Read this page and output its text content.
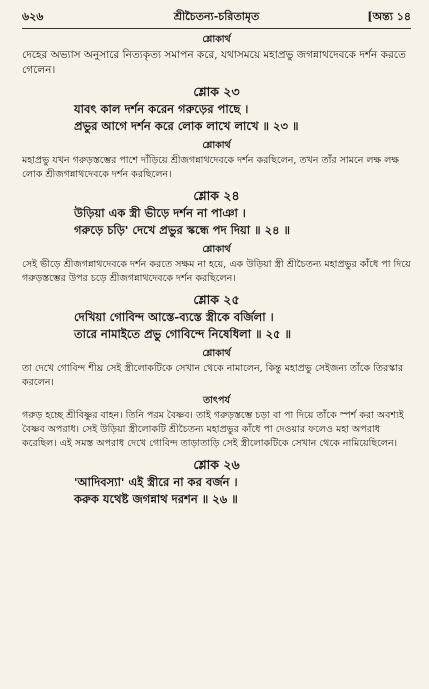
৬২৬	শ্রীচৈতন্য-চরিতামৃত	[অন্ত্য ১৪
শ্লোকার্থ
দেহের অভ্যাস অনুসারে নিত্যকৃত্য সমাপন করে, যথাসময়ে মহাপ্রভু জগন্নাথদেবকে দর্শন করতে গেলেন।
শ্লোক ২৩
যাবৎ কাল দর্শন করেন গরুড়ের পাছে ।
প্রভুর আগে দর্শন করে লোক লাখে লাখে ॥ ২৩ ॥
শ্লোকার্থ
মহাপ্রভু যখন গরুড়স্তম্ভের পাশে দাঁড়িয়ে শ্রীজগন্নাথদেবকে দর্শন করছিলেন, তখন তাঁর সামনে লক্ষ লক্ষ লোক শ্রীজগন্নাথদেবকে দর্শন করছিলেন।
শ্লোক ২৪
উড়িয়া এক স্ত্রী ভীড়ে দর্শন না পাঞা ।
গরুড়ে চড়ি' দেখে প্রভুর স্কন্ধে পদ দিয়া ॥ ২৪ ॥
শ্লোকার্থ
সেই ভীড়ে শ্রীজগন্নাথদেবকে দর্শন করতে সক্ষম না হয়ে, এক উড়িয়া স্ত্রী শ্রীচৈতন্য মহাপ্রভুর কাঁধে পা দিয়ে গরুড়স্তম্ভের উপর চড়ে শ্রীজগন্নাথদেবকে দর্শন করছিলেন।
শ্লোক ২৫
দেখিয়া গোবিন্দ আস্তে-ব্যস্তে স্ত্রীকে বর্জিলা ।
তারে নামাইতে প্রভু গোবিন্দে নিষেধিলা ॥ ২৫ ॥
শ্লোকার্থ
তা দেখে গোবিন্দ শীঘ্র সেই স্ত্রীলোকটিকে সেখান থেকে নামালেন, কিন্তু মহাপ্রভু সেইজন্য তাঁকে তিরস্কার করলেন।
তাৎপর্য
গরুড় হচ্ছে শ্রীবিষ্ণুর বাহন। তিনি পরম বৈষ্ণব। তাই গরুড়স্তম্ভে চড়া বা পা দিয়ে তাঁকে স্পর্শ করা অবশ্যই বৈষ্ণব অপরাধ। সেই উড়িয়া স্ত্রীলোকটি শ্রীচৈতন্য মহাপ্রভুর কাঁধে পা দেওয়ার ফলেও মহা অপরাধ করেছিল। এই সমস্ত অপরাধ দেখে গোবিন্দ তাড়াতাড়ি সেই স্ত্রীলোকটিকে সেখান থেকে নামিয়েছিলেন।
শ্লোক ২৬
'আদিবস্যা' এই স্ত্রীরে না কর বর্জন ।
করুক যথেষ্ট জগন্নাথ দরশন ॥ ২৬ ॥
